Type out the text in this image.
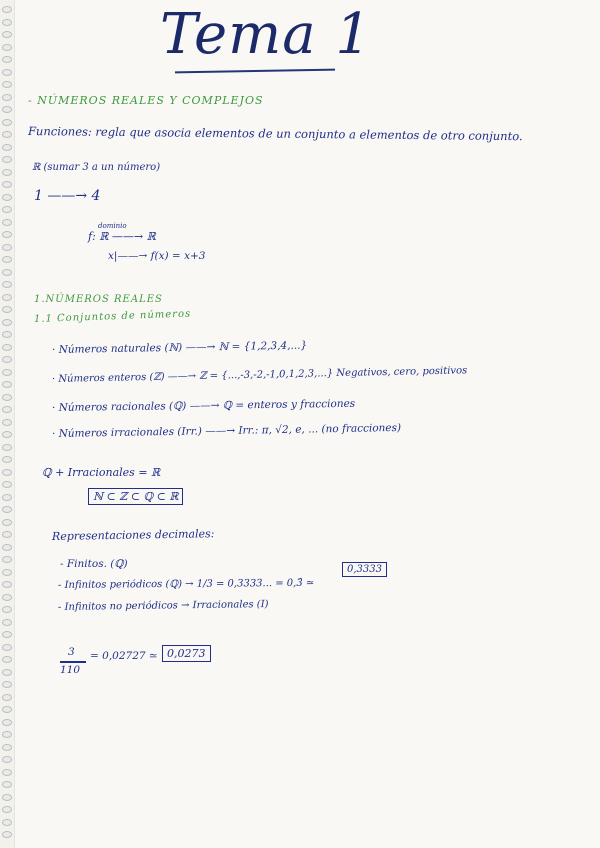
Tema 1
- NÚMEROS REALES Y COMPLEJOS
Funciones: regla que asocia elementos de un conjunto a elementos de otro conjunto.
ℝ (sumar 3 a un número)
1 ——→ 4
dominio
f: ℝ ——→ ℝ
x|——→ f(x) = x+3
1.NÚMEROS REALES
1.1 Conjuntos de números
· Números naturales (ℕ) ——→ ℕ = {1,2,3,4,...}
· Números enteros (ℤ) ——→ ℤ = {...,-3,-2,-1,0,1,2,3,...} Negativos, cero, positivos
· Números racionales (ℚ) ——→ ℚ = enteros y fracciones
· Números irracionales (Irr.) ——→ Irr.: π, √2, e, ... (no fracciones)
ℚ + Irracionales = ℝ
ℕ ⊂ ℤ ⊂ ℚ ⊂ ℝ
Representaciones decimales:
- Finitos. (ℚ)
- Infinitos periódicos (ℚ) → 1/3 = 0,3333... = 0,3̂ ≃
0,3333
- Infinitos no periódicos → Irracionales (I)
3
110
= 0,02727 ≃ 0,0273
